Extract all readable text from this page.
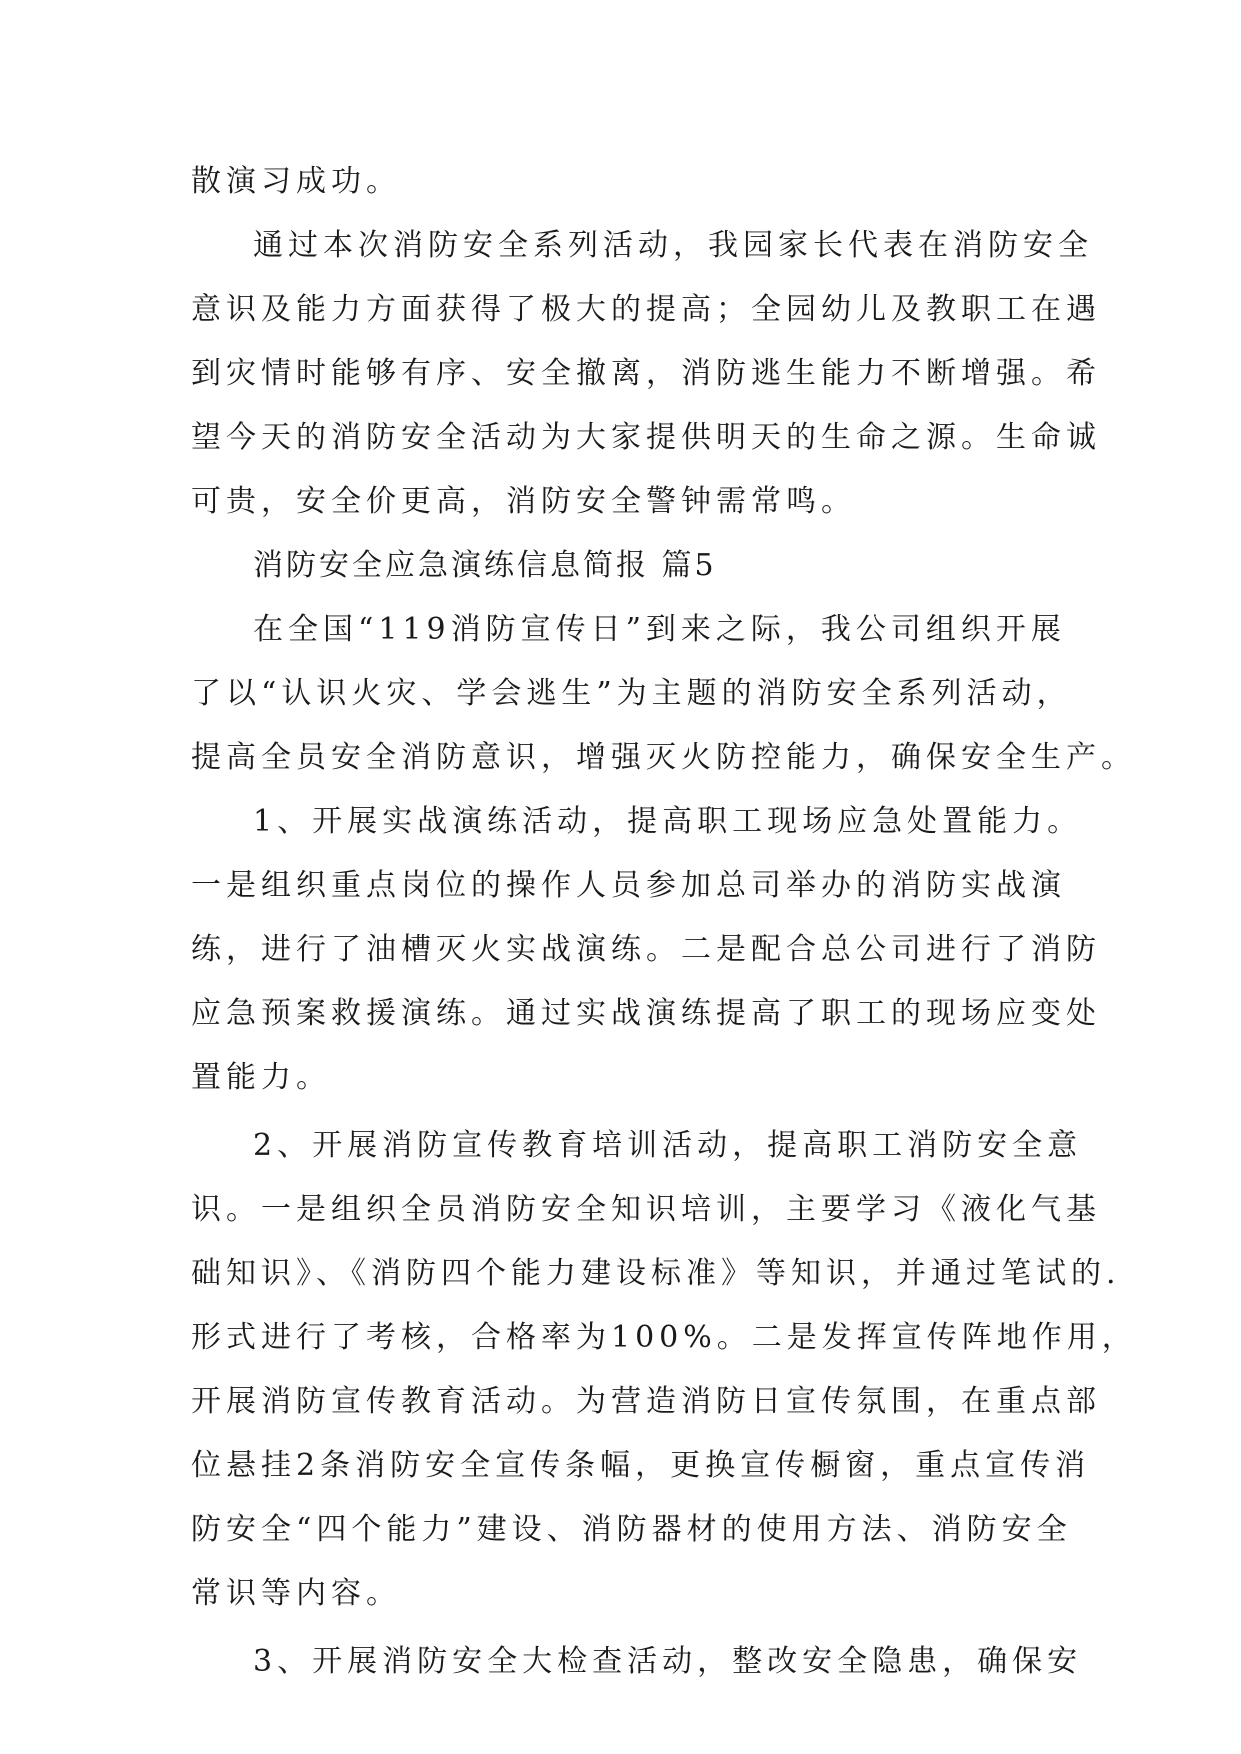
散演习成功。
通过本次消防安全系列活动，我园家长代表在消防安全
意识及能力方面获得了极大的提高；全园幼儿及教职工在遇
到灾情时能够有序、安全撤离，消防逃生能力不断增强。希
望今天的消防安全活动为大家提供明天的生命之源。生命诚
可贵，安全价更高，消防安全警钟需常鸣。
消防安全应急演练信息简报 篇5
在全国“119消防宣传日”到来之际，我公司组织开展
了以“认识火灾、学会逃生”为主题的消防安全系列活动，
提高全员安全消防意识，增强灭火防控能力，确保安全生产。
1、开展实战演练活动，提高职工现场应急处置能力。
一是组织重点岗位的操作人员参加总司举办的消防实战演
练，进行了油槽灭火实战演练。二是配合总公司进行了消防
应急预案救援演练。通过实战演练提高了职工的现场应变处
置能力。
2、开展消防宣传教育培训活动，提高职工消防安全意
识。一是组织全员消防安全知识培训，主要学习《液化气基
础知识》、《消防四个能力建设标准》等知识，并通过笔试的.
形式进行了考核，合格率为100%。二是发挥宣传阵地作用，
开展消防宣传教育活动。为营造消防日宣传氛围，在重点部
位悬挂2条消防安全宣传条幅，更换宣传橱窗，重点宣传消
防安全“四个能力”建设、消防器材的使用方法、消防安全
常识等内容。
3、开展消防安全大检查活动，整改安全隐患，确保安
